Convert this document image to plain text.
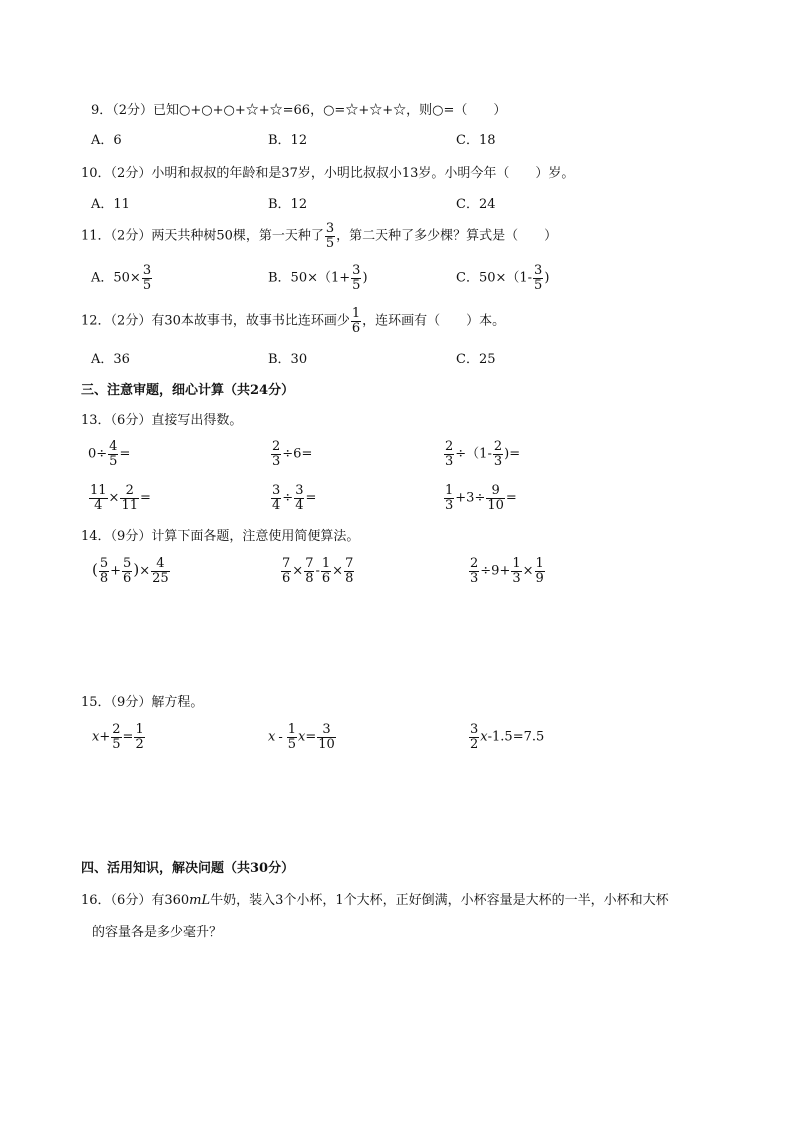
9．（2分）已知○+○+○+☆+☆=66，○=☆+☆+☆，则○=（　　）
A．6	B．12	C．18
10．（2分）小明和叔叔的年龄和是37岁，小明比叔叔小13岁。小明今年（　　）岁。
A．11	B．12	C．24
11．（2分）两天共种树50棵，第一天种了 $\frac{3}{5}$ ，第二天种了多少棵？算式是（　　）
A．$50\times \frac{3}{5}$	B．$50\times(1+ \frac{3}{5}$ )	C．$50\times(1- \frac{3}{5}$ )
12．（2分）有30本故事书，故事书比连环画少 $\frac{1}{6}$ ，连环画有（　　）本。
A．36	B．30	C．25
三、注意审题，细心计算（共24分）
13．（6分）直接写出得数。
$0\div \frac{4}{5}$ =	$\frac{2}{3} \div 6=$	$\frac{2}{3} \div(1- \frac{2}{3}$ )=
$\frac{11}{4} \times \frac{2}{11}$ =	$\frac{3}{4} \div \frac{3}{4}$ =	$\frac{1}{3} +3\div \frac{9}{10}$ =
14．（9分）计算下面各题，注意使用简便算法。
( $\frac{5}{8} + \frac{5}{6}$ )× $\frac{4}{25}$	$\frac{7}{6} \times \frac{7}{8} - \frac{1}{6} \times \frac{7}{8}$	$\frac{2}{3} \div 9+ \frac{1}{3} \times \frac{1}{9}$
15．（9分）解方程。
$x+ \frac{2}{5} = \frac{1}{2}$	$x - \frac{1}{5} x= \frac{3}{10}$	$\frac{3}{2} x-1.5=7.5$
四、活用知识，解决问题（共30分）
16．（6分）有360mL牛奶，装入3个小杯，1个大杯，正好倒满，小杯容量是大杯的一半，小杯和大杯
的容量各是多少毫升？
